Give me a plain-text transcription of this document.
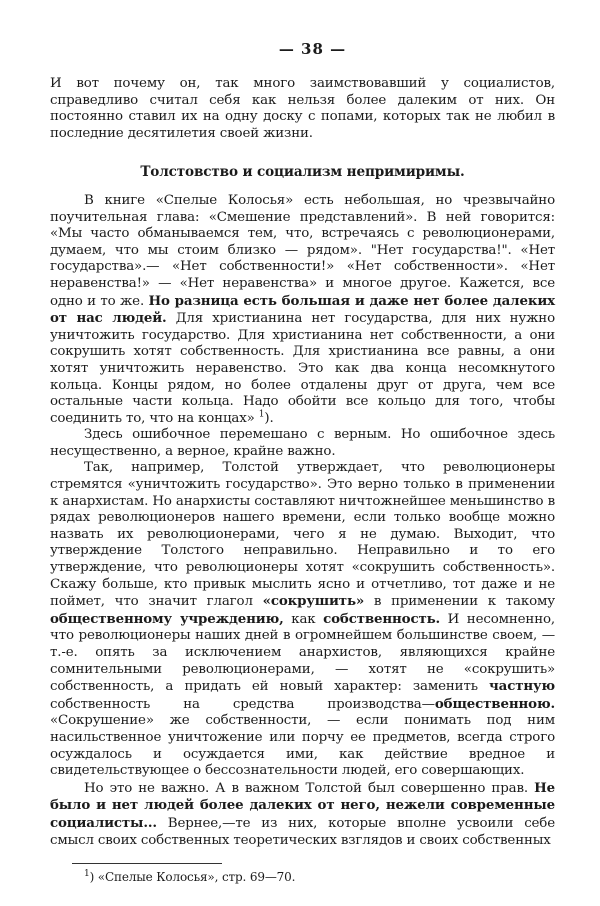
— 38 —

И вот почему он, так много заимствовавший у социалистов, справедливо считал себя как нельзя более далеким от них. Он постоянно ставил их на одну доску с попами, которых так не любил в последние десятилетия своей жизни.

Толстовство и социализм непримиримы.

В книге «Спелые Колосья» есть небольшая, но чрезвычайно поучительная глава: «Смешение представлений». В ней говорится: «Мы часто обманываемся тем, что, встречаясь с революционерами, думаем, что мы стоим близко — рядом». "Нет государства!". «Нет государства».— «Нет собственности!» «Нет собственности». «Нет неравенства!» — «Нет неравенства» и многое другое. Кажется, все одно и то же. Но разница есть большая и даже нет более далеких от нас людей. Для христианина нет государства, для них нужно уничтожить государство. Для христианина нет собственности, а они сокрушить хотят собственность. Для христианина все равны, а они хотят уничтожить неравенство. Это как два конца несомкнутого кольца. Концы рядом, но более отдалены друг от друга, чем все остальные части кольца. Надо обойти все кольцо для того, чтобы соединить то, что на концах» $^1$).

Здесь ошибочное перемешано с верным. Но ошибочное здесь несущественно, а верное, крайне важно.

Так, например, Толстой утверждает, что революционеры стремятся «уничтожить государство». Это верно только в применении к анархистам. Но анархисты составляют ничтожнейшее меньшинство в рядах революционеров нашего времени, если только вообще можно назвать их революционерами, чего я не думаю. Выходит, что утверждение Толстого неправильно. Неправильно и то его утверждение, что революционеры хотят «сокрушить собственность». Скажу больше, кто привык мыслить ясно и отчетливо, тот даже и не поймет, что значит глагол «сокрушить» в применении к такому общественному учреждению, как собственность. И несомненно, что революционеры наших дней в огромнейшем большинстве своем, — т.-е. опять за исключением анархистов, являющихся крайне сомнительными революционерами, — хотят не «сокрушить» собственность, а придать ей новый характер: заменить частную собственность на средства производства—общественною. «Сокрушение» же собственности, — если понимать под ним насильственное уничтожение или порчу ее предметов, всегда строго осуждалось и осуждается ими, как действие вредное и свидетельствующее о бессознательности людей, его совершающих.

Но это не важно. А в важном Толстой был совершенно прав. Не было и нет людей более далеких от него, нежели современные социалисты... Вернее,—те из них, которые вполне усвоили себе смысл своих собственных теоретических взглядов и своих собственных

$^1$) «Спелые Колосья», стр. 69—70.
